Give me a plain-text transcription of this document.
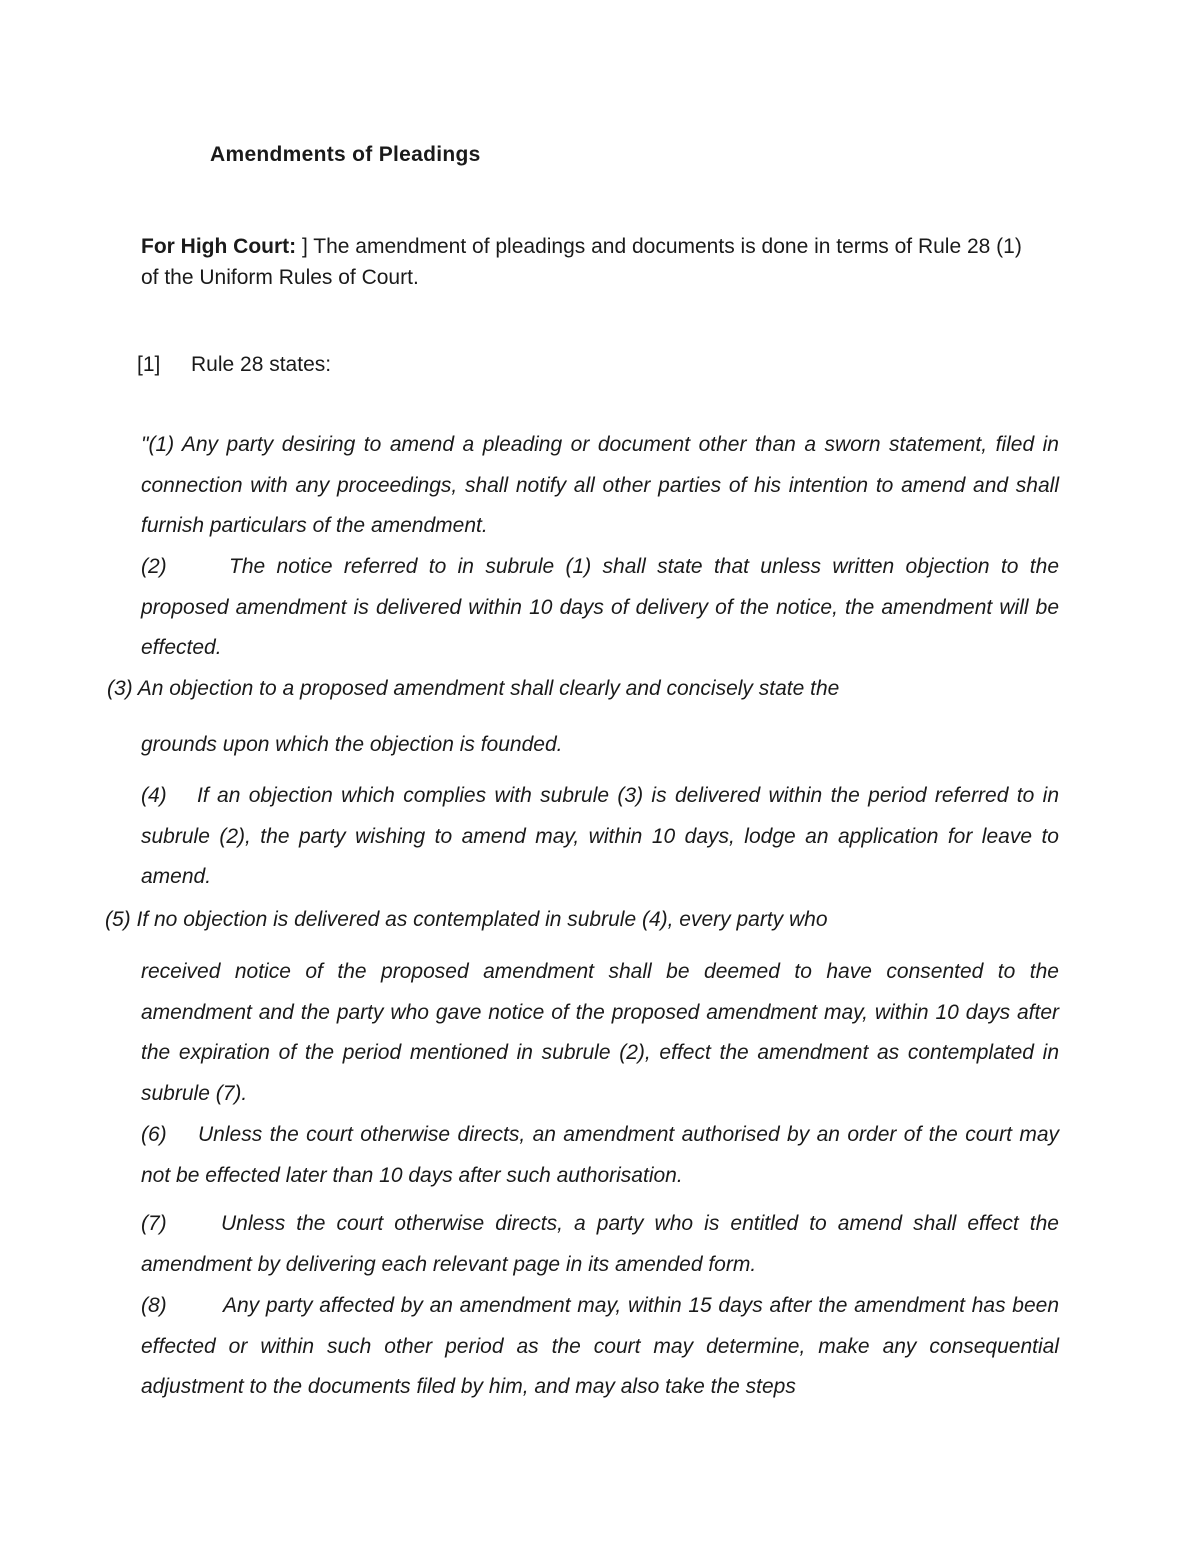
Amendments of Pleadings
For High Court: ] The amendment of pleadings and documents is done in terms of Rule 28 (1) of the Uniform Rules of Court.
[1] Rule 28 states:
"(1) Any party desiring to amend a pleading or document other than a sworn statement, filed in connection with any proceedings, shall notify all other parties of his intention to amend and shall furnish particulars of the amendment.
(2)	The notice referred to in subrule (1) shall state that unless written objection to the proposed amendment is delivered within 10 days of delivery of the notice, the amendment will be effected.
(3) An objection to a proposed amendment shall clearly and concisely state the
grounds upon which the objection is founded.
(4) If an objection which complies with subrule (3) is delivered within the period referred to in subrule (2), the party wishing to amend may, within 10 days, lodge an application for leave to amend.
(5) If no objection is delivered as contemplated in subrule (4), every party who
received notice of the proposed amendment shall be deemed to have consented to the amendment and the party who gave notice of the proposed amendment may, within 10 days after the expiration of the period mentioned in subrule (2), effect the amendment as contemplated in subrule (7).
(6) Unless the court otherwise directs, an amendment authorised by an order of the court may not be effected later than 10 days after such authorisation.
(7)	Unless the court otherwise directs, a party who is entitled to amend shall effect the amendment by delivering each relevant page in its amended form.
(8)	Any party affected by an amendment may, within 15 days after the amendment has been effected or within such other period as the court may determine, make any consequential adjustment to the documents filed by him, and may also take the steps
